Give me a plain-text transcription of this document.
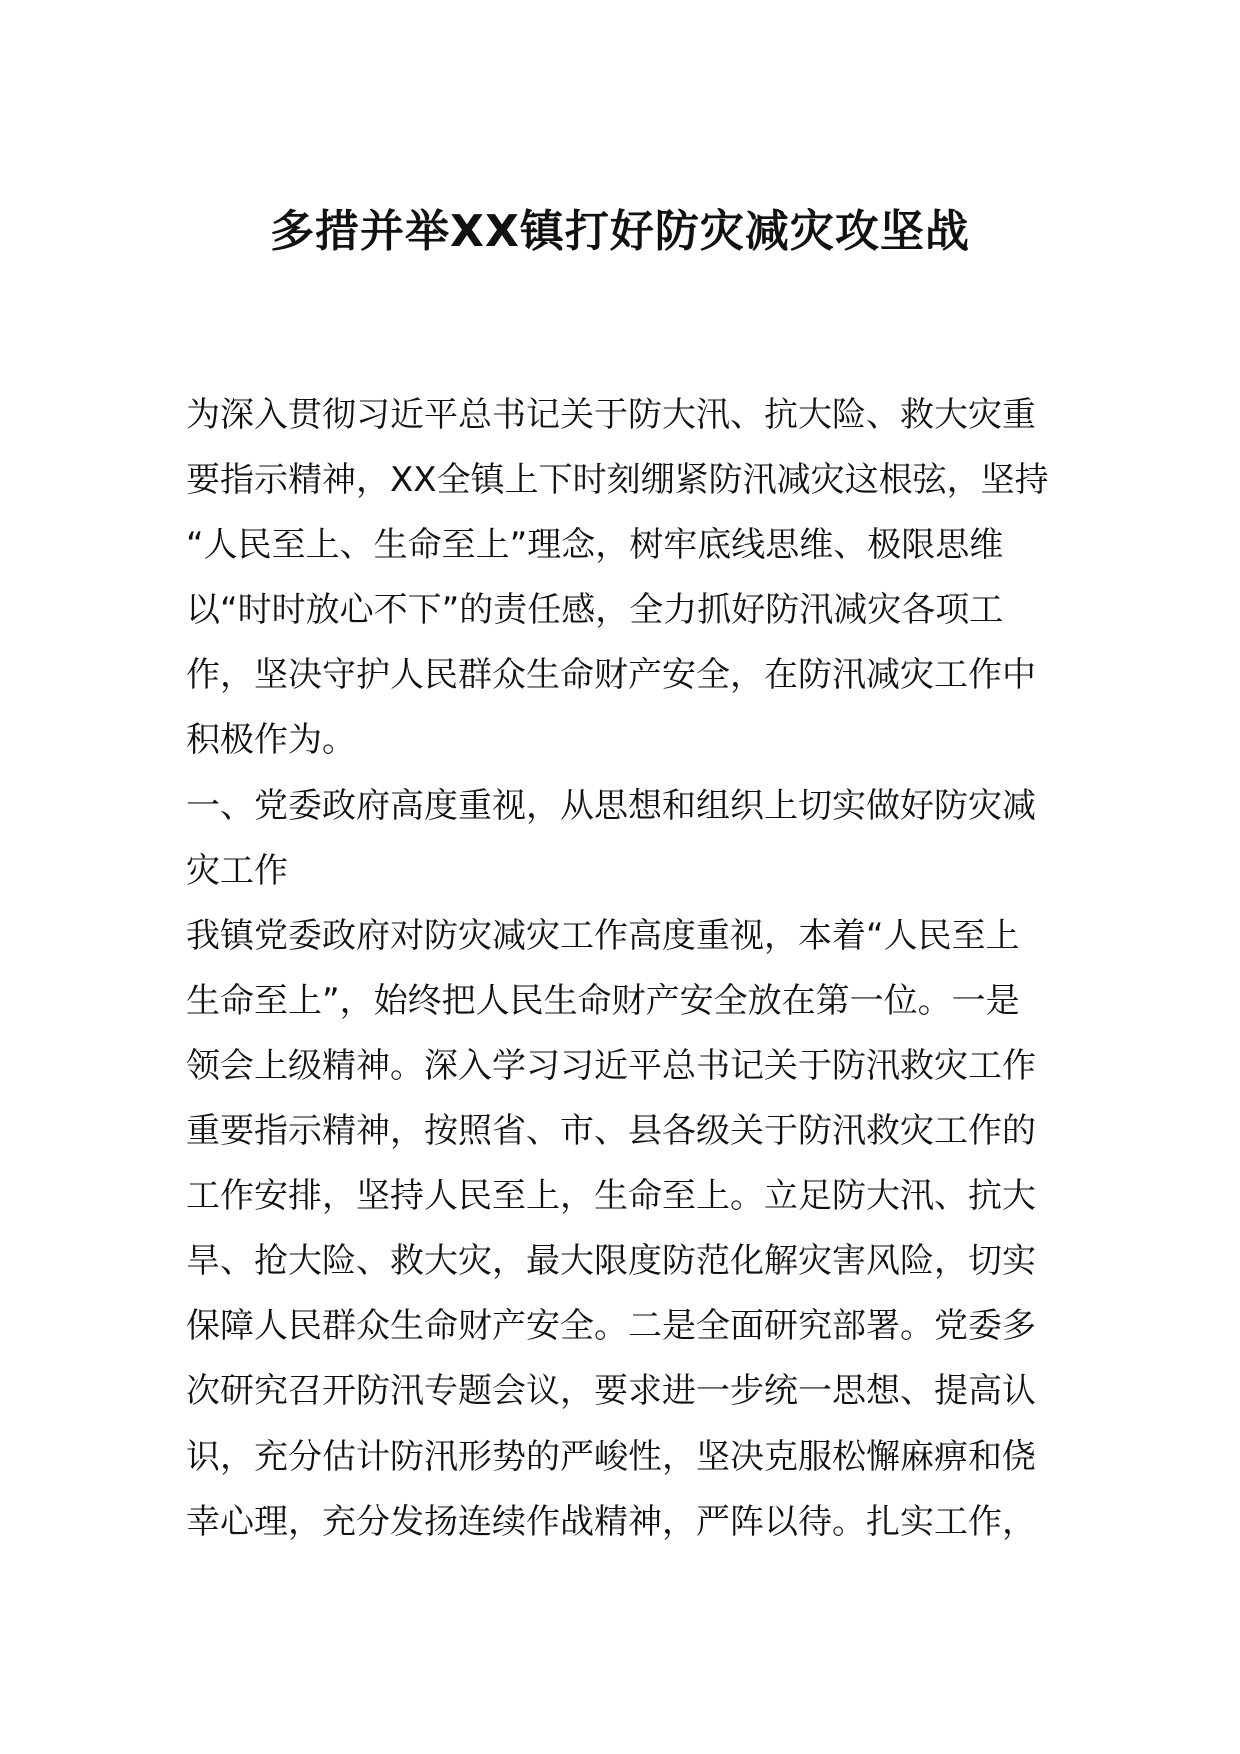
多措并举XX镇打好防灾减灾攻坚战
为深入贯彻习近平总书记关于防大汛、抗大险、救大灾重
要指示精神，XX全镇上下时刻绷紧防汛减灾这根弦，坚持
“人民至上、生命至上”理念，树牢底线思维、极限思维
以“时时放心不下”的责任感，全力抓好防汛减灾各项工
作，坚决守护人民群众生命财产安全，在防汛减灾工作中
积极作为。
一、党委政府高度重视，从思想和组织上切实做好防灾减
灾工作
我镇党委政府对防灾减灾工作高度重视，本着“人民至上
生命至上”，始终把人民生命财产安全放在第一位。一是
领会上级精神。深入学习习近平总书记关于防汛救灾工作
重要指示精神，按照省、市、县各级关于防汛救灾工作的
工作安排，坚持人民至上，生命至上。立足防大汛、抗大
旱、抢大险、救大灾，最大限度防范化解灾害风险，切实
保障人民群众生命财产安全。二是全面研究部署。党委多
次研究召开防汛专题会议，要求进一步统一思想、提高认
识，充分估计防汛形势的严峻性，坚决克服松懈麻痹和侥
幸心理，充分发扬连续作战精神，严阵以待。扎实工作，
